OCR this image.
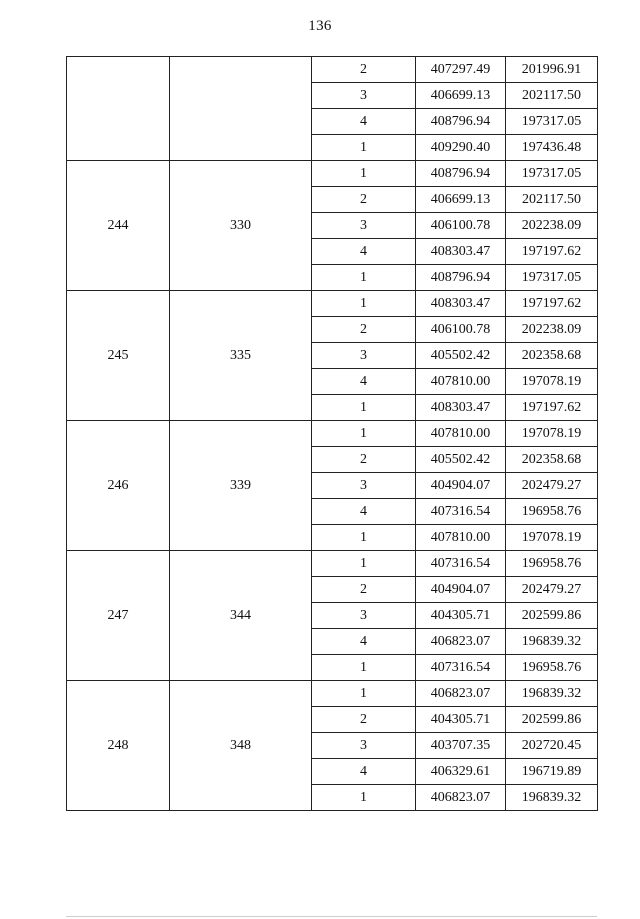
136
		2	407297.49	201996.91
		3	406699.13	202117.50
		4	408796.94	197317.05
		1	409290.40	197436.48
244	330	1	408796.94	197317.05
		2	406699.13	202117.50
		3	406100.78	202238.09
		4	408303.47	197197.62
		1	408796.94	197317.05
245	335	1	408303.47	197197.62
		2	406100.78	202238.09
		3	405502.42	202358.68
		4	407810.00	197078.19
		1	408303.47	197197.62
246	339	1	407810.00	197078.19
		2	405502.42	202358.68
		3	404904.07	202479.27
		4	407316.54	196958.76
		1	407810.00	197078.19
247	344	1	407316.54	196958.76
		2	404904.07	202479.27
		3	404305.71	202599.86
		4	406823.07	196839.32
		1	407316.54	196958.76
248	348	1	406823.07	196839.32
		2	404305.71	202599.86
		3	403707.35	202720.45
		4	406329.61	196719.89
		1	406823.07	196839.32
